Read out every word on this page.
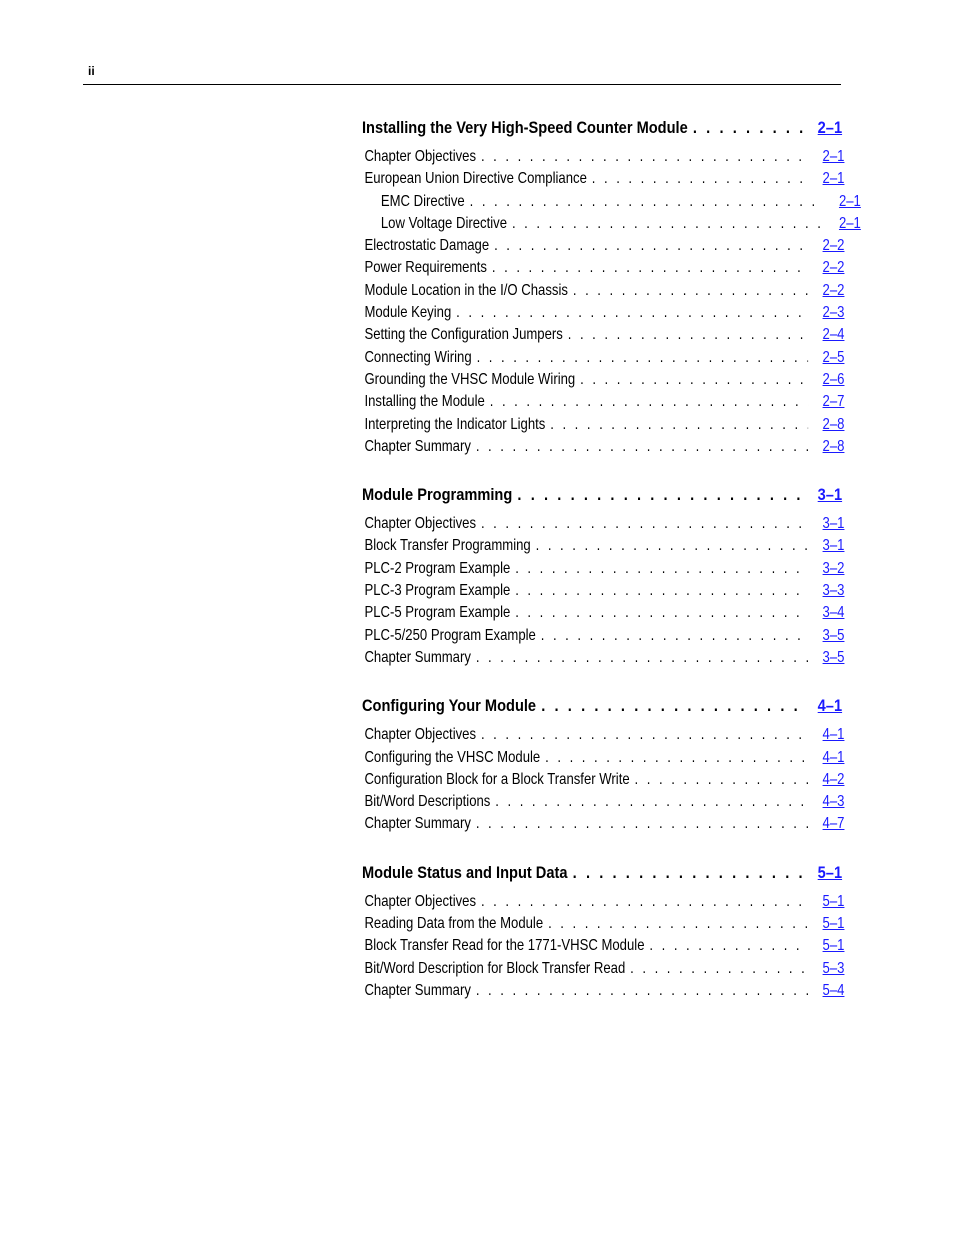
ii
Installing the Very High-Speed Counter Module . . .	2–1
Chapter Objectives . . .	2–1
European Union Directive Compliance . . .	2–1
EMC Directive . . .	2–1
Low Voltage Directive . . .	2–1
Electrostatic Damage . . .	2–2
Power Requirements . . .	2–2
Module Location in the I/O Chassis . . .	2–2
Module Keying . . .	2–3
Setting the Configuration Jumpers . . .	2–4
Connecting Wiring . . .	2–5
Grounding the VHSC Module Wiring . . .	2–6
Installing the Module . . .	2–7
Interpreting the Indicator Lights . . .	2–8
Chapter Summary . . .	2–8
Module Programming . . .	3–1
Chapter Objectives . . .	3–1
Block Transfer Programming . . .	3–1
PLC-2 Program Example . . .	3–2
PLC-3 Program Example . . .	3–3
PLC-5 Program Example . . .	3–4
PLC-5/250 Program Example . . .	3–5
Chapter Summary . . .	3–5
Configuring Your Module . . .	4–1
Chapter Objectives . . .	4–1
Configuring the VHSC Module . . .	4–1
Configuration Block for a Block Transfer Write . . .	4–2
Bit/Word Descriptions . . .	4–3
Chapter Summary . . .	4–7
Module Status and Input Data . . .	5–1
Chapter Objectives . . .	5–1
Reading Data from the Module . . .	5–1
Block Transfer Read for the 1771-VHSC Module . . .	5–1
Bit/Word Description for Block Transfer Read . . .	5–3
Chapter Summary . . .	5–4
